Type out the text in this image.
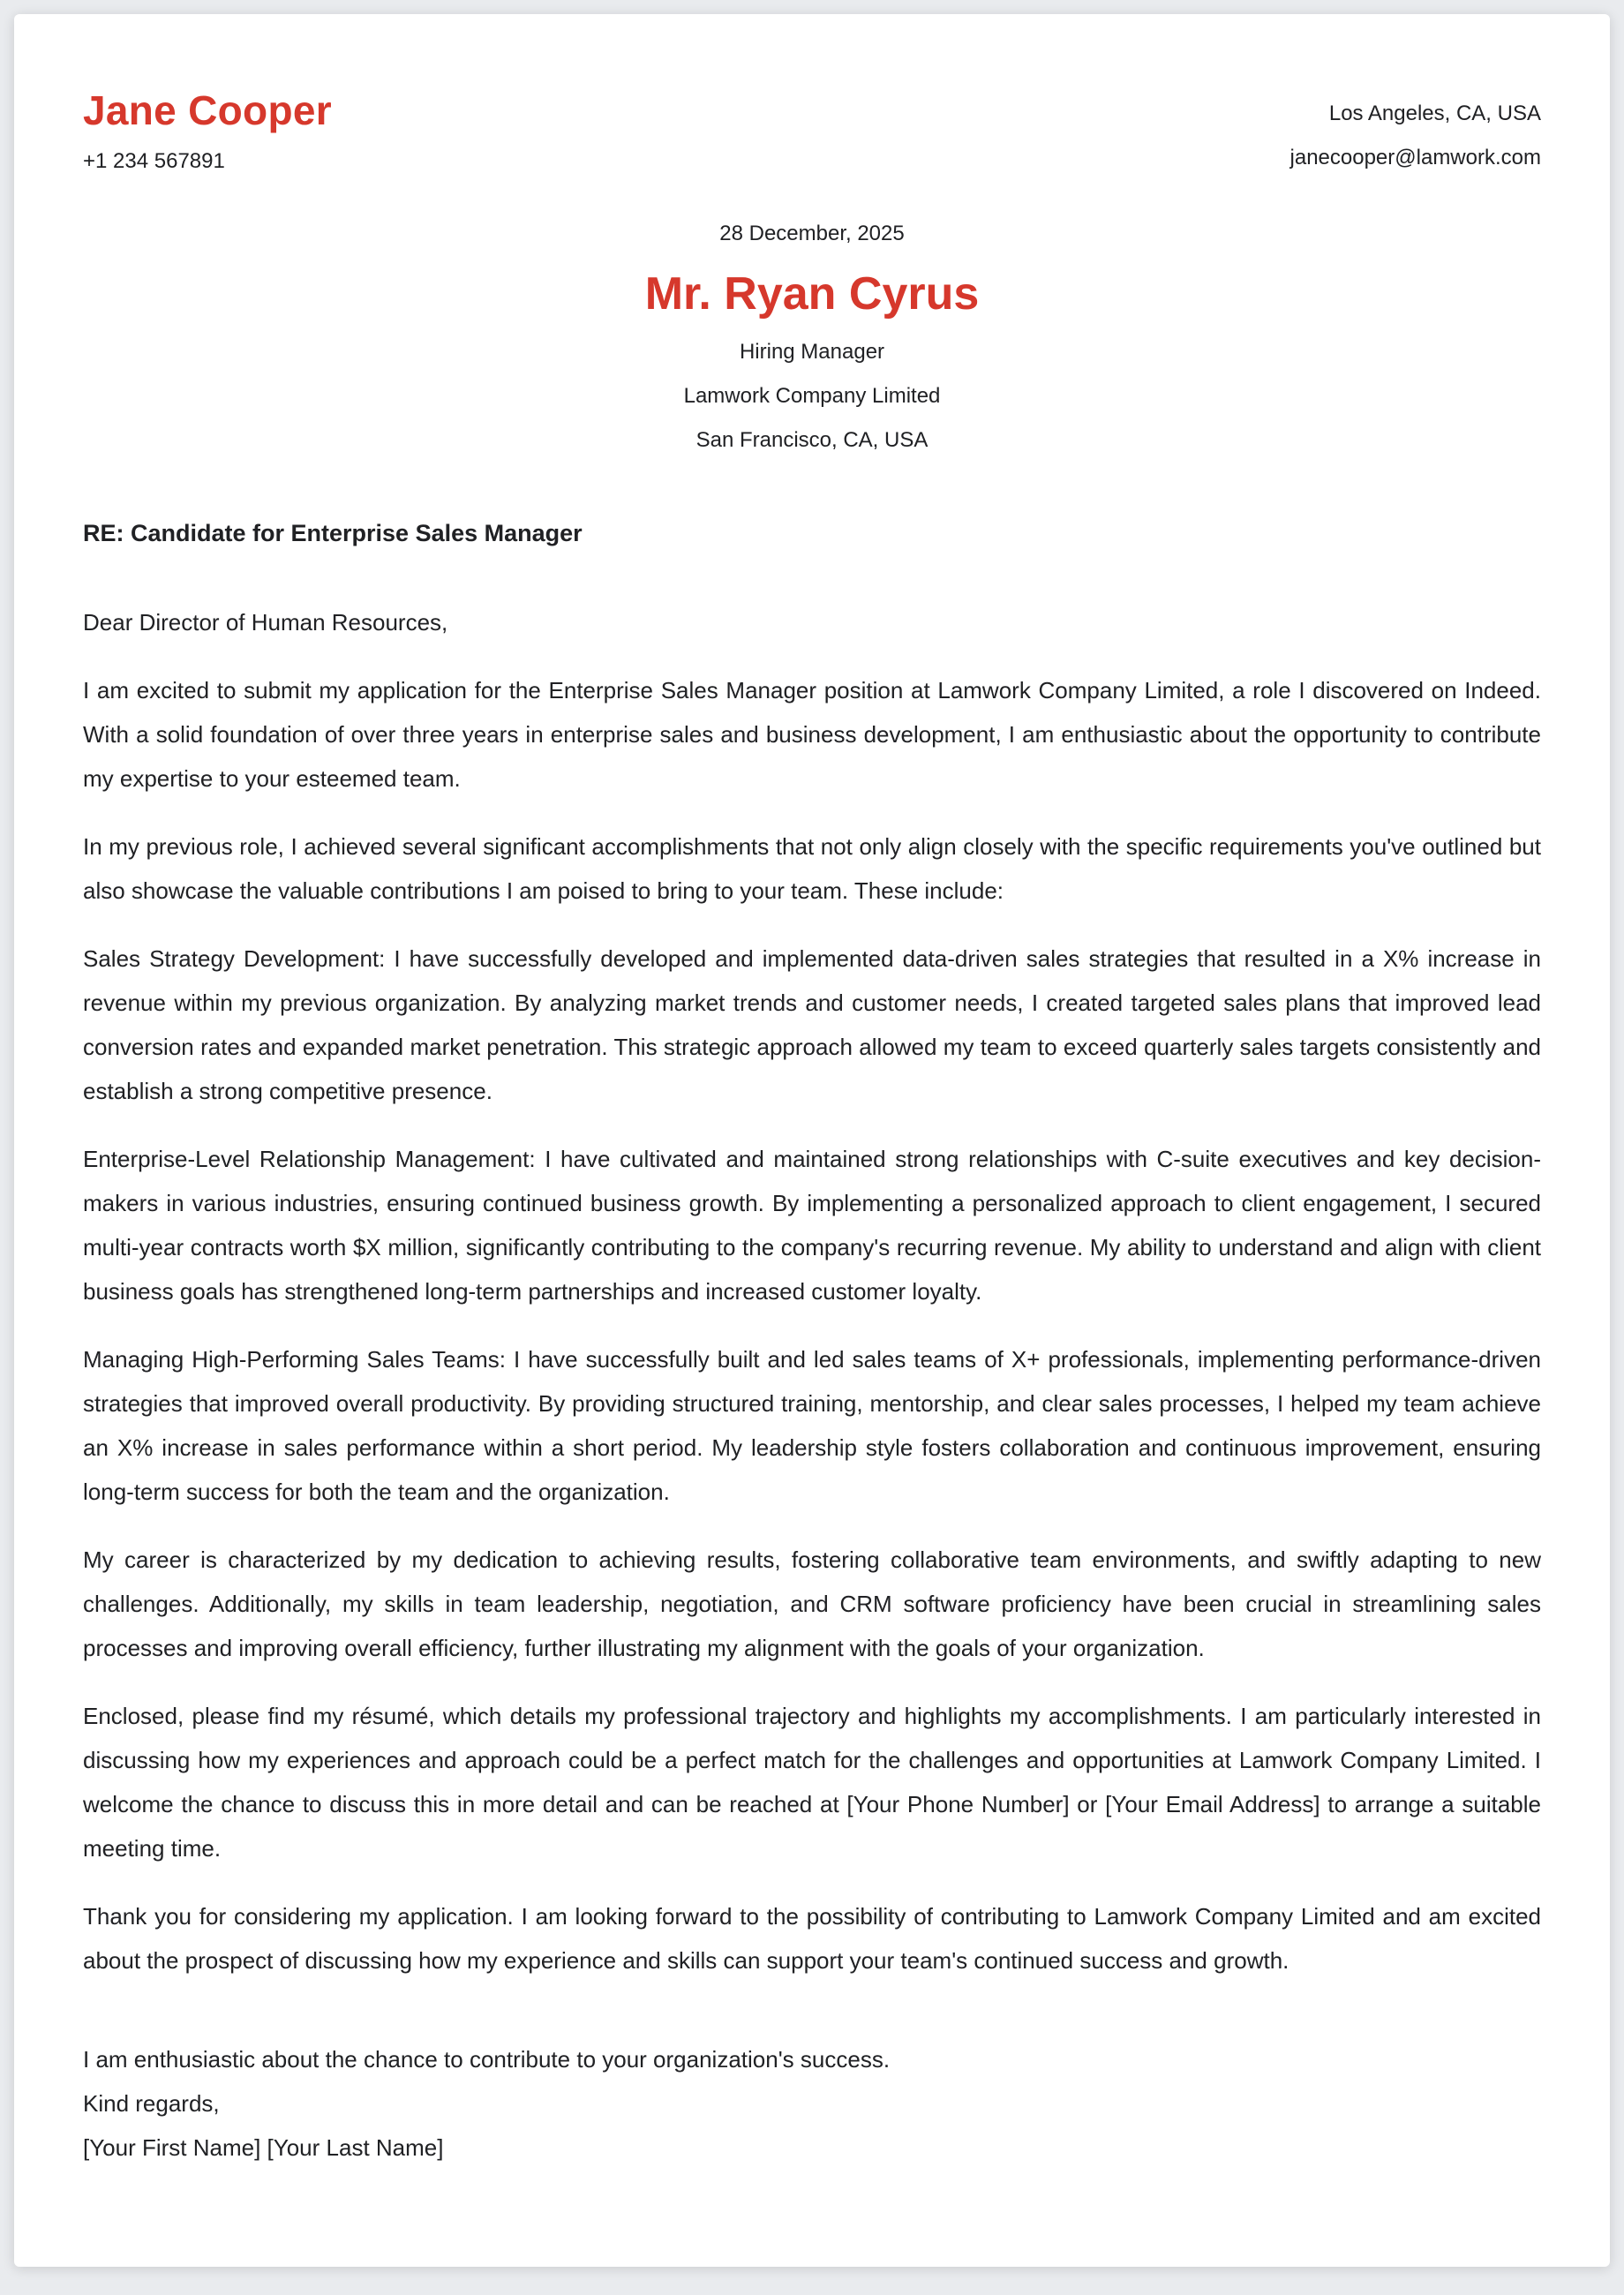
Jane Cooper
+1 234 567891
Los Angeles, CA, USA
janecooper@lamwork.com
28 December, 2025
Mr. Ryan Cyrus
Hiring Manager
Lamwork Company Limited
San Francisco, CA, USA
RE: Candidate for Enterprise Sales Manager

Dear Director of Human Resources,

I am excited to submit my application for the Enterprise Sales Manager position at Lamwork Company Limited, a role I discovered on Indeed. With a solid foundation of over three years in enterprise sales and business development, I am enthusiastic about the opportunity to contribute my expertise to your esteemed team.

In my previous role, I achieved several significant accomplishments that not only align closely with the specific requirements you've outlined but also showcase the valuable contributions I am poised to bring to your team. These include:

Sales Strategy Development: I have successfully developed and implemented data-driven sales strategies that resulted in a X% increase in revenue within my previous organization. By analyzing market trends and customer needs, I created targeted sales plans that improved lead conversion rates and expanded market penetration. This strategic approach allowed my team to exceed quarterly sales targets consistently and establish a strong competitive presence.

Enterprise-Level Relationship Management: I have cultivated and maintained strong relationships with C-suite executives and key decision-makers in various industries, ensuring continued business growth. By implementing a personalized approach to client engagement, I secured multi-year contracts worth $X million, significantly contributing to the company's recurring revenue. My ability to understand and align with client business goals has strengthened long-term partnerships and increased customer loyalty.

Managing High-Performing Sales Teams: I have successfully built and led sales teams of X+ professionals, implementing performance-driven strategies that improved overall productivity. By providing structured training, mentorship, and clear sales processes, I helped my team achieve an X% increase in sales performance within a short period. My leadership style fosters collaboration and continuous improvement, ensuring long-term success for both the team and the organization.

My career is characterized by my dedication to achieving results, fostering collaborative team environments, and swiftly adapting to new challenges. Additionally, my skills in team leadership, negotiation, and CRM software proficiency have been crucial in streamlining sales processes and improving overall efficiency, further illustrating my alignment with the goals of your organization.

Enclosed, please find my résumé, which details my professional trajectory and highlights my accomplishments. I am particularly interested in discussing how my experiences and approach could be a perfect match for the challenges and opportunities at Lamwork Company Limited. I welcome the chance to discuss this in more detail and can be reached at [Your Phone Number] or [Your Email Address] to arrange a suitable meeting time.

Thank you for considering my application. I am looking forward to the possibility of contributing to Lamwork Company Limited and am excited about the prospect of discussing how my experience and skills can support your team's continued success and growth.

I am enthusiastic about the chance to contribute to your organization's success.

Kind regards,

[Your First Name] [Your Last Name]
